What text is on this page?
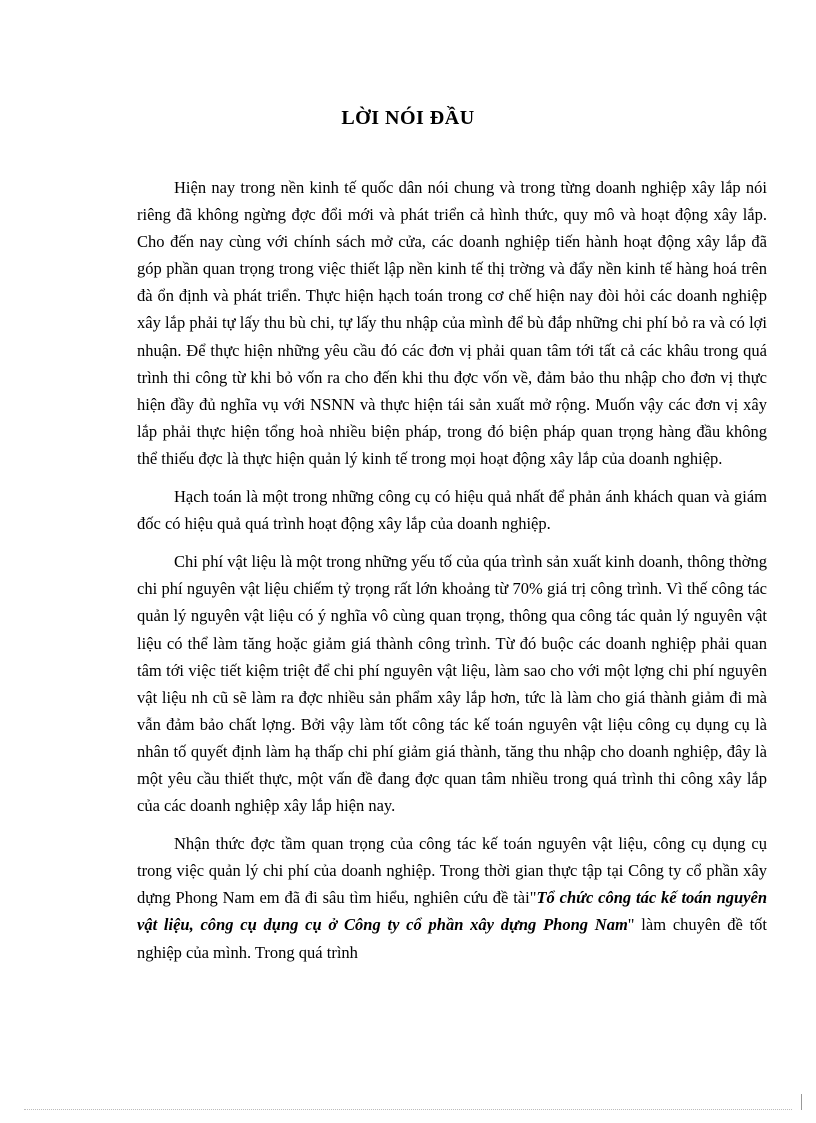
LỜI NÓI ĐẦU

Hiện nay trong nền kinh tế quốc dân nói chung và trong từng doanh nghiệp xây lắp nói riêng đã không ngừng đợc đổi mới và phát triển cả hình thức, quy mô và hoạt động xây lắp. Cho đến nay cùng với chính sách mở cửa, các doanh nghiệp tiến hành hoạt động xây lắp đã góp phần quan trọng trong việc thiết lập nền kinh tế thị trờng và đẩy nền kinh tế hàng hoá trên đà ổn định và phát triển. Thực hiện hạch toán trong cơ chế hiện nay đòi hỏi các doanh nghiệp xây lắp phải tự lấy thu bù chi, tự lấy thu nhập của mình để bù đắp những chi phí bỏ ra và có lợi nhuận. Để thực hiện những yêu cầu đó các đơn vị phải quan tâm tới tất cả các khâu trong quá trình thi công từ khi bỏ vốn ra cho đến khi thu đợc vốn về, đảm bảo thu nhập cho đơn vị thực hiện đầy đủ nghĩa vụ với NSNN và thực hiện tái sản xuất mở rộng. Muốn vậy các đơn vị xây lắp phải thực hiện tổng hoà nhiều biện pháp, trong đó biện pháp quan trọng hàng đầu không thể thiếu đợc là thực hiện quản lý kinh tế trong mọi hoạt động xây lắp của doanh nghiệp.

Hạch toán là một trong những công cụ có hiệu quả nhất để phản ánh khách quan và giám đốc có hiệu quả quá trình hoạt động xây lắp của doanh nghiệp.

Chi phí vật liệu là một trong những yếu tố của qúa trình sản xuất kinh doanh, thông thờng chi phí nguyên vật liệu chiếm tỷ trọng rất lớn khoảng từ 70% giá trị công trình. Vì thế công tác quản lý nguyên vật liệu có ý nghĩa vô cùng quan trọng, thông qua công tác quản lý nguyên vật liệu có thể làm tăng hoặc giảm giá thành công trình. Từ đó buộc các doanh nghiệp phải quan tâm tới việc tiết kiệm triệt để chi phí nguyên vật liệu, làm sao cho với một lợng chi phí nguyên vật liệu nh cũ sẽ làm ra đợc nhiều sản phẩm xây lắp hơn, tức là làm cho giá thành giảm đi mà vẫn đảm bảo chất lợng. Bởi vậy làm tốt công tác kế toán nguyên vật liệu công cụ dụng cụ là nhân tố quyết định làm hạ thấp chi phí giảm giá thành, tăng thu nhập cho doanh nghiệp, đây là một yêu cầu thiết thực, một vấn đề đang đợc quan tâm nhiều trong quá trình thi công xây lắp của các doanh nghiệp xây lắp hiện nay.

Nhận thức đợc tầm quan trọng của công tác kế toán nguyên vật liệu, công cụ dụng cụ trong việc quản lý chi phí của doanh nghiệp. Trong thời gian thực tập tại Công ty cổ phần xây dựng Phong Nam em đã đi sâu tìm hiểu, nghiên cứu đề tài"Tổ chức công tác kế toán nguyên vật liệu, công cụ dụng cụ ở Công ty cổ phần xây dựng Phong Nam" làm chuyên đề tốt nghiệp của mình. Trong quá trình
